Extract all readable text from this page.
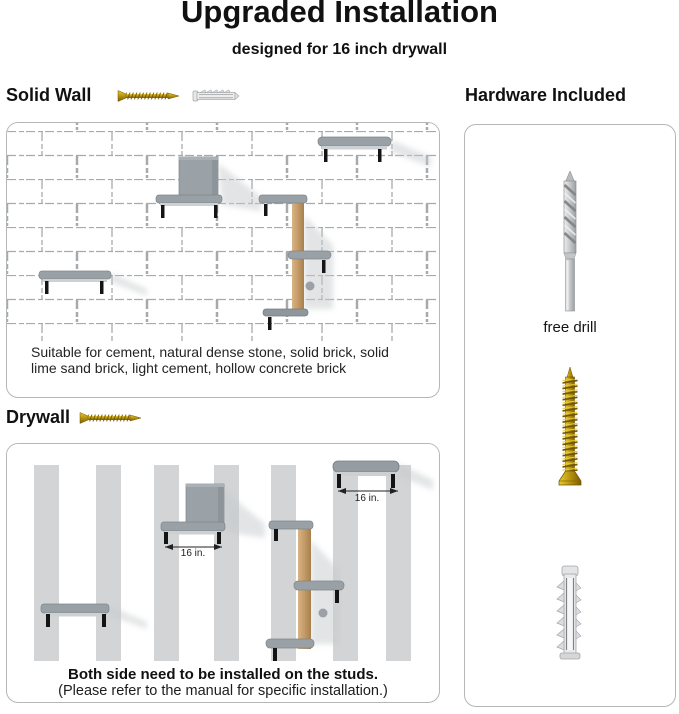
Upgraded Installation
designed for 16 inch drywall
Solid Wall	Hardware Included
Suitable for cement, natural dense stone, solid brick, solid
lime sand brick, light cement, hollow concrete brick
Drywall
16 in.
16 in.
Both side need to be installed on the studs.
(Please refer to the manual for specific installation.)
free drill
